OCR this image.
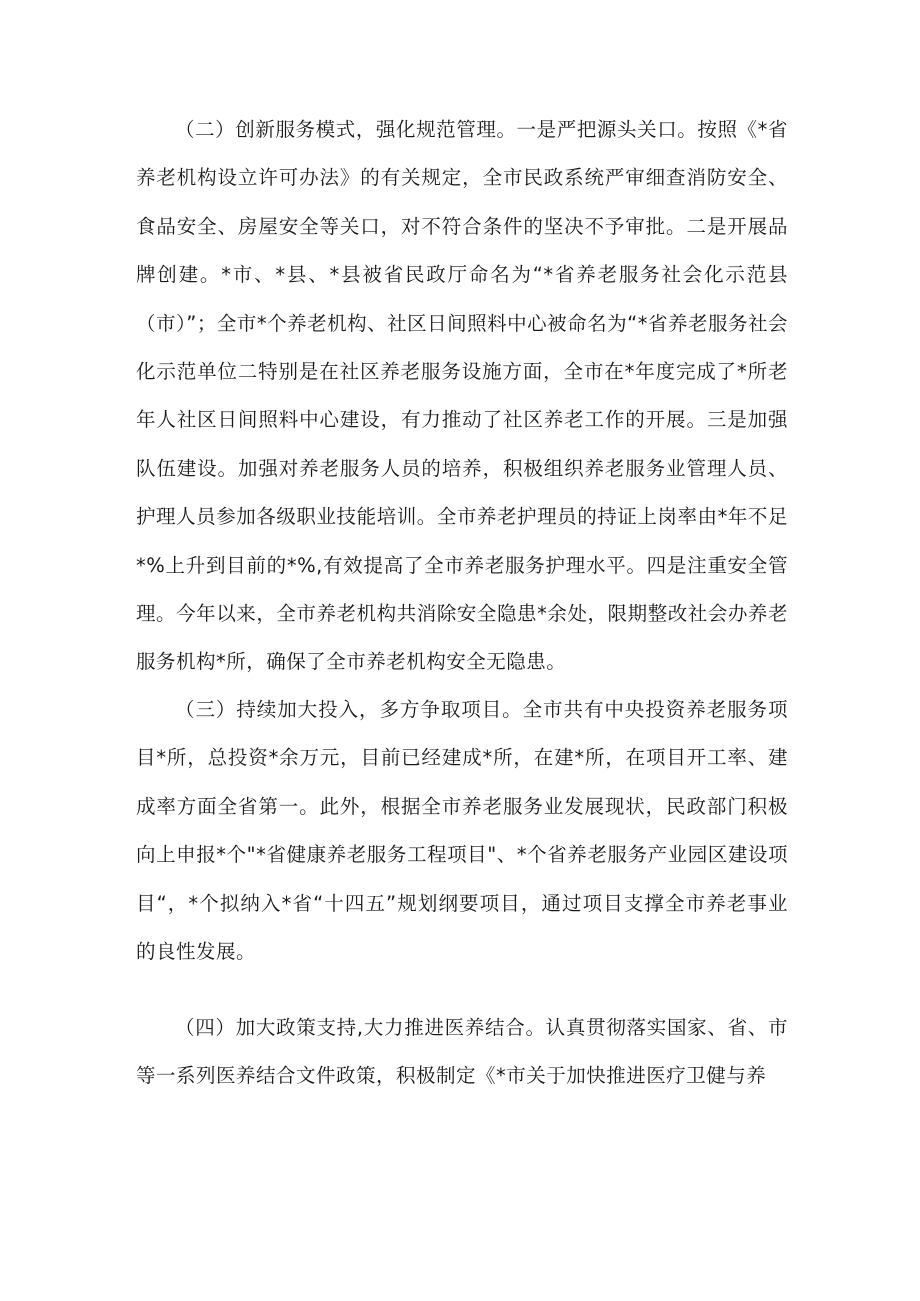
（二）创新服务模式，强化规范管理。一是严把源头关口。按照《*省养老机构设立许可办法》的有关规定，全市民政系统严审细查消防安全、食品安全、房屋安全等关口，对不符合条件的坚决不予审批。二是开展品牌创建。*市、*县、*县被省民政厅命名为“*省养老服务社会化示范县（市）”；全市*个养老机构、社区日间照料中心被命名为“*省养老服务社会化示范单位二特别是在社区养老服务设施方面，全市在*年度完成了*所老年人社区日间照料中心建设，有力推动了社区养老工作的开展。三是加强队伍建设。加强对养老服务人员的培养，积极组织养老服务业管理人员、护理人员参加各级职业技能培训。全市养老护理员的持证上岗率由*年不足*%上升到目前的*%,有效提高了全市养老服务护理水平。四是注重安全管理。今年以来，全市养老机构共消除安全隐患*余处，限期整改社会办养老服务机构*所，确保了全市养老机构安全无隐患。

（三）持续加大投入，多方争取项目。全市共有中央投资养老服务项目*所，总投资*余万元，目前已经建成*所，在建*所，在项目开工率、建成率方面全省第一。此外，根据全市养老服务业发展现状，民政部门积极向上申报*个"*省健康养老服务工程项目"、*个省养老服务产业园区建设项目“，*个拟纳入*省“十四五”规划纲要项目，通过项目支撑全市养老事业的良性发展。

（四）加大政策支持,大力推进医养结合。认真贯彻落实国家、省、市等一系列医养结合文件政策，积极制定《*市关于加快推进医疗卫健与养
